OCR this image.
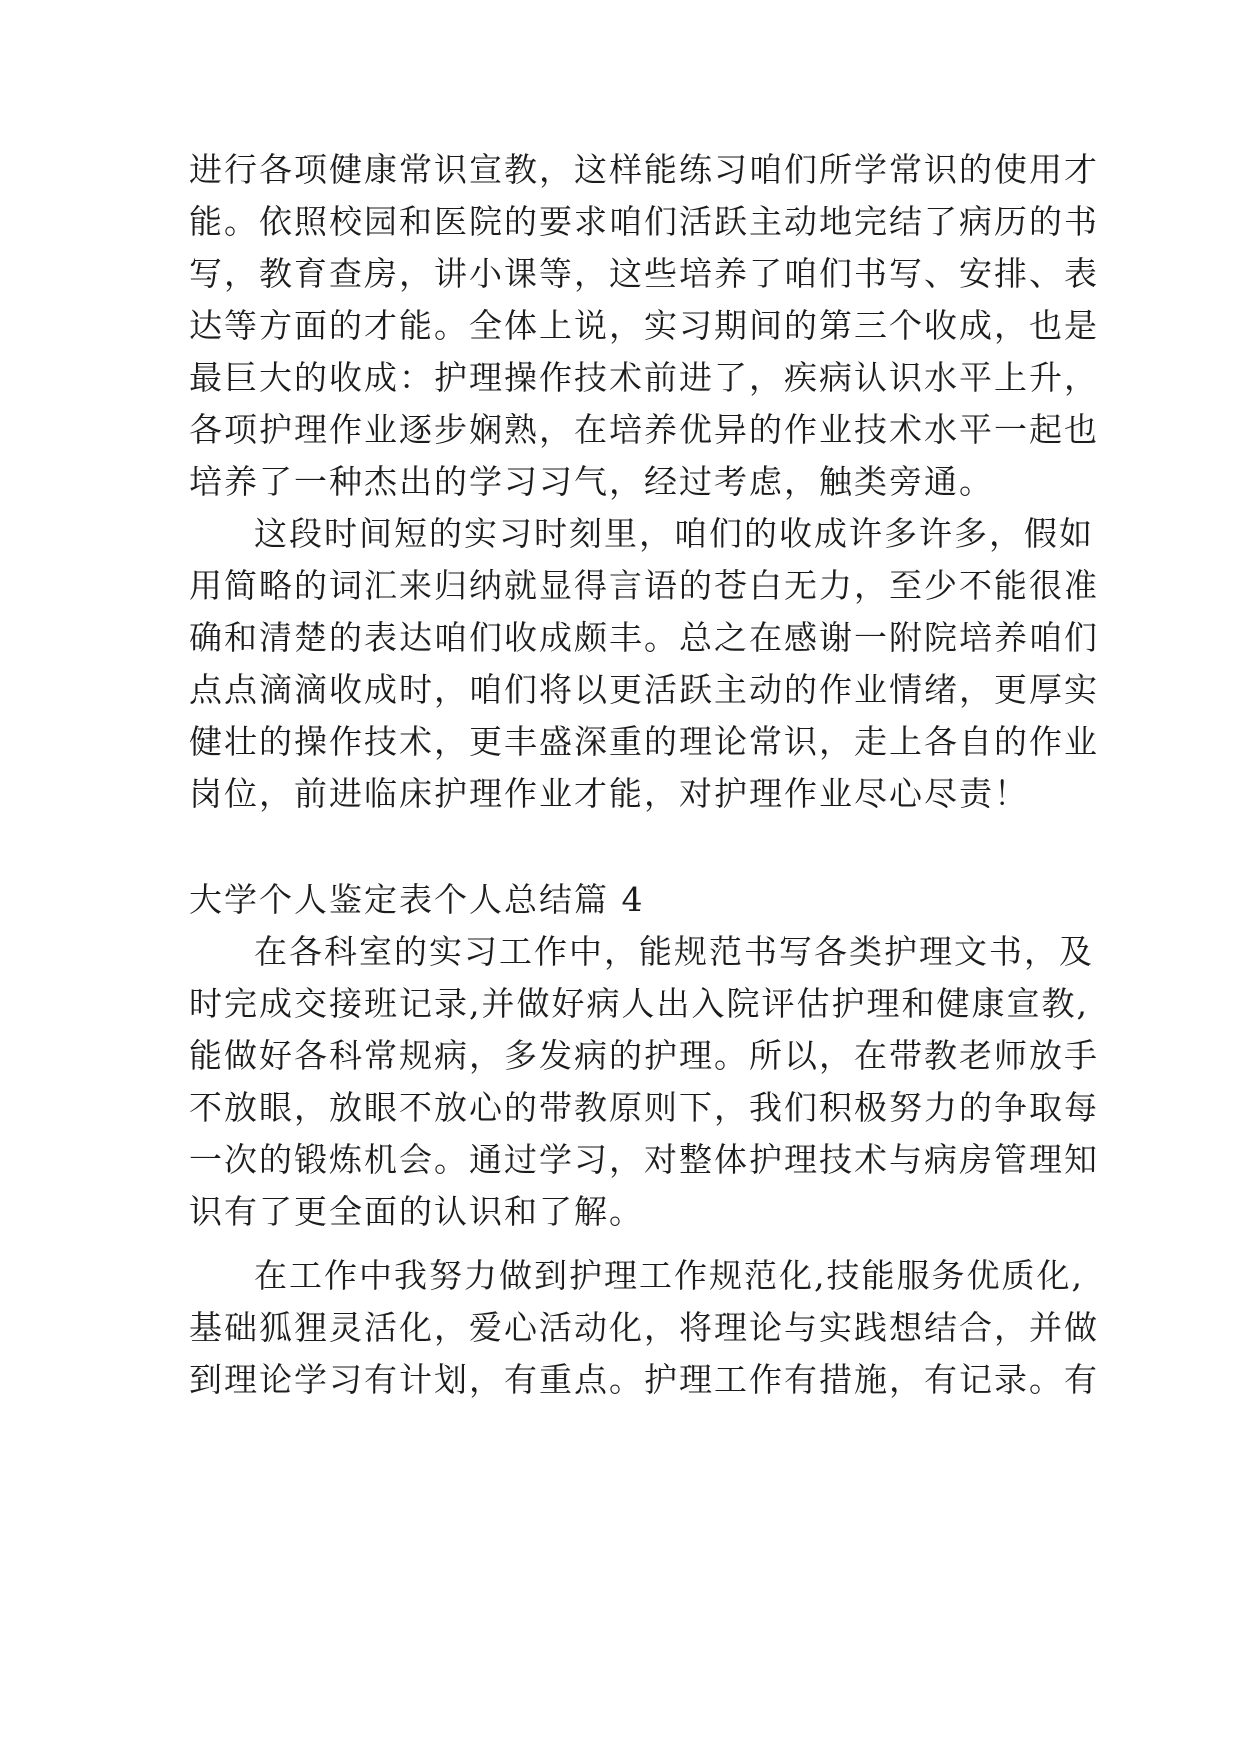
进行各项健康常识宣教，这样能练习咱们所学常识的使用才
能。依照校园和医院的要求咱们活跃主动地完结了病历的书
写，教育查房，讲小课等，这些培养了咱们书写、安排、表
达等方面的才能。全体上说，实习期间的第三个收成，也是
最巨大的收成：护理操作技术前进了，疾病认识水平上升，
各项护理作业逐步娴熟，在培养优异的作业技术水平一起也
培养了一种杰出的学习习气，经过考虑，触类旁通。
这段时间短的实习时刻里，咱们的收成许多许多，假如
用简略的词汇来归纳就显得言语的苍白无力，至少不能很准
确和清楚的表达咱们收成颇丰。总之在感谢一附院培养咱们
点点滴滴收成时，咱们将以更活跃主动的作业情绪，更厚实
健壮的操作技术，更丰盛深重的理论常识，走上各自的作业
岗位，前进临床护理作业才能，对护理作业尽心尽责！
大学个人鉴定表个人总结篇 4
在各科室的实习工作中，能规范书写各类护理文书，及
时完成交接班记录,并做好病人出入院评估护理和健康宣教,
能做好各科常规病，多发病的护理。所以，在带教老师放手
不放眼，放眼不放心的带教原则下，我们积极努力的争取每
一次的锻炼机会。通过学习，对整体护理技术与病房管理知
识有了更全面的认识和了解。
在工作中我努力做到护理工作规范化,技能服务优质化,
基础狐狸灵活化，爱心活动化，将理论与实践想结合，并做
到理论学习有计划，有重点。护理工作有措施，有记录。有
